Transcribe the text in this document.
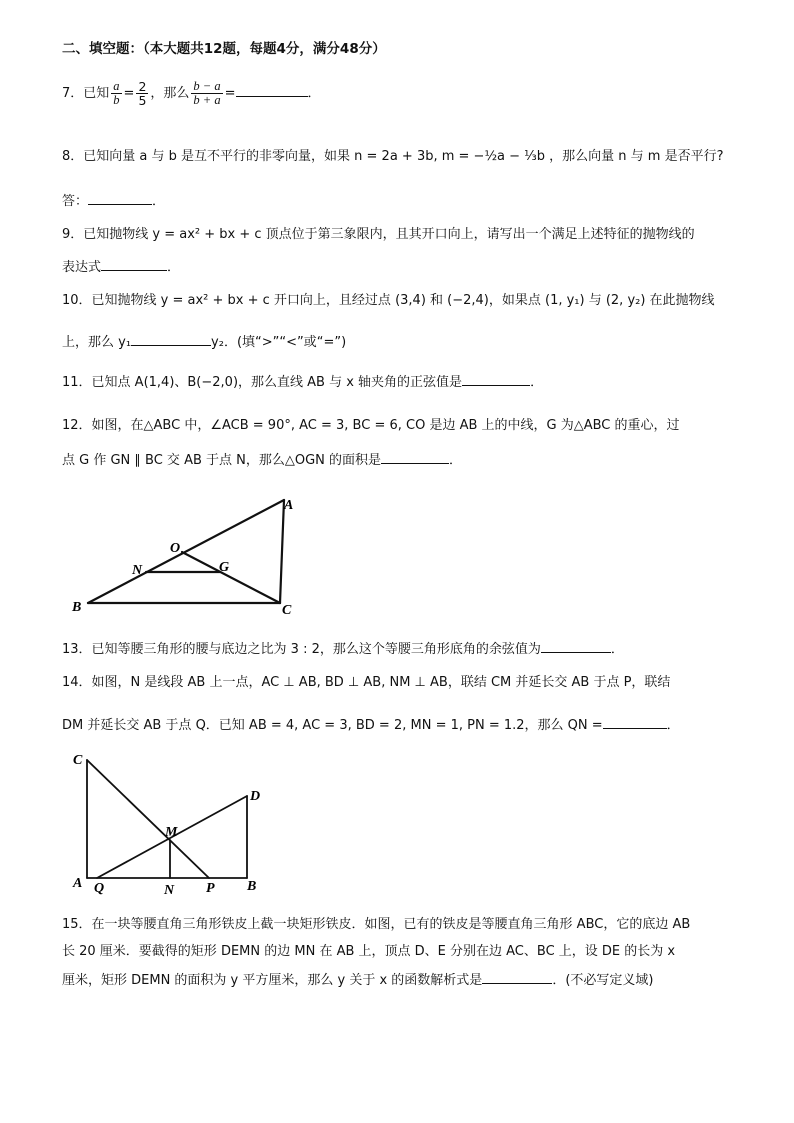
二、填空题：（本大题共12题，每题4分，满分48分）
7．已知 $\frac{a}{b} = \frac{2}{5}$ ，那么 $\frac{b - a}{b + a}$ =	．
8．已知向量 a 与 b 是互不平行的非零向量，如果 n = 2a + 3b, m = −½a − ⅓b ，那么向量 n 与 m 是否平行?
答：	．
9．已知抛物线 y = ax² + bx + c 顶点位于第三象限内，且其开口向上，请写出一个满足上述特征的抛物线的
表达式	．
10．已知抛物线 y = ax² + bx + c 开口向上，且经过点 (3,4) 和 (−2,4)，如果点 (1, y₁) 与 (2, y₂) 在此抛物线
上，那么 y₁	y₂．(填“>”“<”或“=”)
11．已知点 A(1,4)、B(−2,0)，那么直线 AB 与 x 轴夹角的正弦值是	．
12．如图，在△ABC 中，∠ACB = 90°, AC = 3, BC = 6, CO 是边 AB 上的中线，G 为△ABC 的重心，过
点 G 作 GN ∥ BC 交 AB 于点 N，那么△OGN 的面积是	．
A
O
N	G
B	C
13．已知等腰三角形的腰与底边之比为 3 : 2，那么这个等腰三角形底角的余弦值为	．
14．如图，N 是线段 AB 上一点，AC ⊥ AB, BD ⊥ AB, NM ⊥ AB，联结 CM 并延长交 AB 于点 P，联结
DM 并延长交 AB 于点 Q．已知 AB = 4, AC = 3, BD = 2, MN = 1, PN = 1.2，那么 QN =	．
C
D
M
A Q	N P B
15．在一块等腰直角三角形铁皮上截一块矩形铁皮．如图，已有的铁皮是等腰直角三角形 ABC，它的底边 AB
长 20 厘米．要截得的矩形 DEMN 的边 MN 在 AB 上，顶点 D、E 分别在边 AC、BC 上，设 DE 的长为 x
厘米，矩形 DEMN 的面积为 y 平方厘米，那么 y 关于 x 的函数解析式是	．(不必写定义域)
